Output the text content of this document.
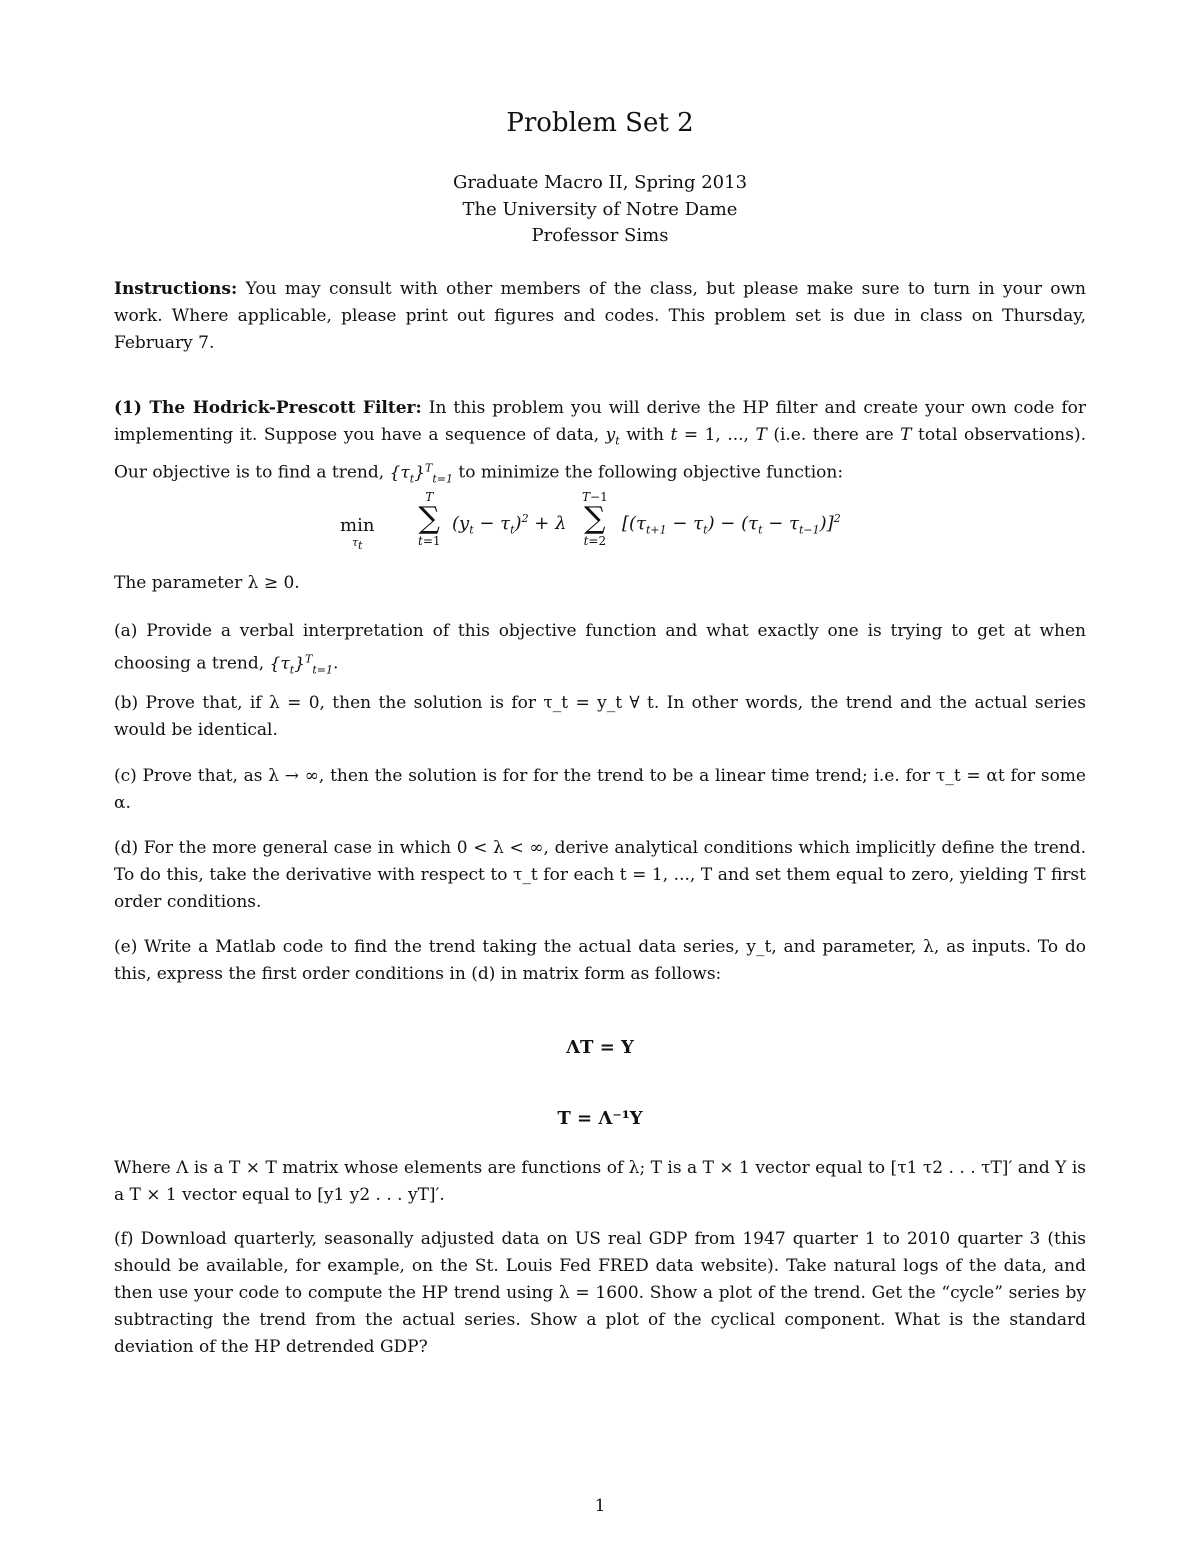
Problem Set 2
Graduate Macro II, Spring 2013
The University of Notre Dame
Professor Sims
Instructions: You may consult with other members of the class, but please make sure to turn in your own work. Where applicable, please print out figures and codes. This problem set is due in class on Thursday, February 7.
(1) The Hodrick-Prescott Filter: In this problem you will derive the HP filter and create your own code for implementing it. Suppose you have a sequence of data, $y_t$ with t = 1, ..., T (i.e. there are T total observations). Our objective is to find a trend, $\{\tau_t\}^T_{t=1}$ to minimize the following objective function:
min
$\tau_t$
T
∑
t=1
$(y_t - \tau_t)^2 + \lambda$
T−1
∑
t=2
$[(\tau_{t+1} - \tau_t) - (\tau_t - \tau_{t-1})]^2$
The parameter λ ≥ 0.
(a) Provide a verbal interpretation of this objective function and what exactly one is trying to get at when choosing a trend, $\{\tau_t\}^T_{t=1}$.
(b) Prove that, if λ = 0, then the solution is for τ_t = y_t ∀ t. In other words, the trend and the actual series would be identical.
(c) Prove that, as λ → ∞, then the solution is for for the trend to be a linear time trend; i.e. for τ_t = αt for some α.
(d) For the more general case in which 0 < λ < ∞, derive analytical conditions which implicitly define the trend. To do this, take the derivative with respect to τ_t for each t = 1, ..., T and set them equal to zero, yielding T first order conditions.
(e) Write a Matlab code to find the trend taking the actual data series, y_t, and parameter, λ, as inputs. To do this, express the first order conditions in (d) in matrix form as follows:
ΛT = Y
T = Λ⁻¹Y
Where Λ is a T × T matrix whose elements are functions of λ; T is a T × 1 vector equal to [τ1 τ2 . . . τT]′ and Y is a T × 1 vector equal to [y1 y2 . . . yT]′.
(f) Download quarterly, seasonally adjusted data on US real GDP from 1947 quarter 1 to 2010 quarter 3 (this should be available, for example, on the St. Louis Fed FRED data website). Take natural logs of the data, and then use your code to compute the HP trend using λ = 1600. Show a plot of the trend. Get the “cycle” series by subtracting the trend from the actual series. Show a plot of the cyclical component. What is the standard deviation of the HP detrended GDP?
1
